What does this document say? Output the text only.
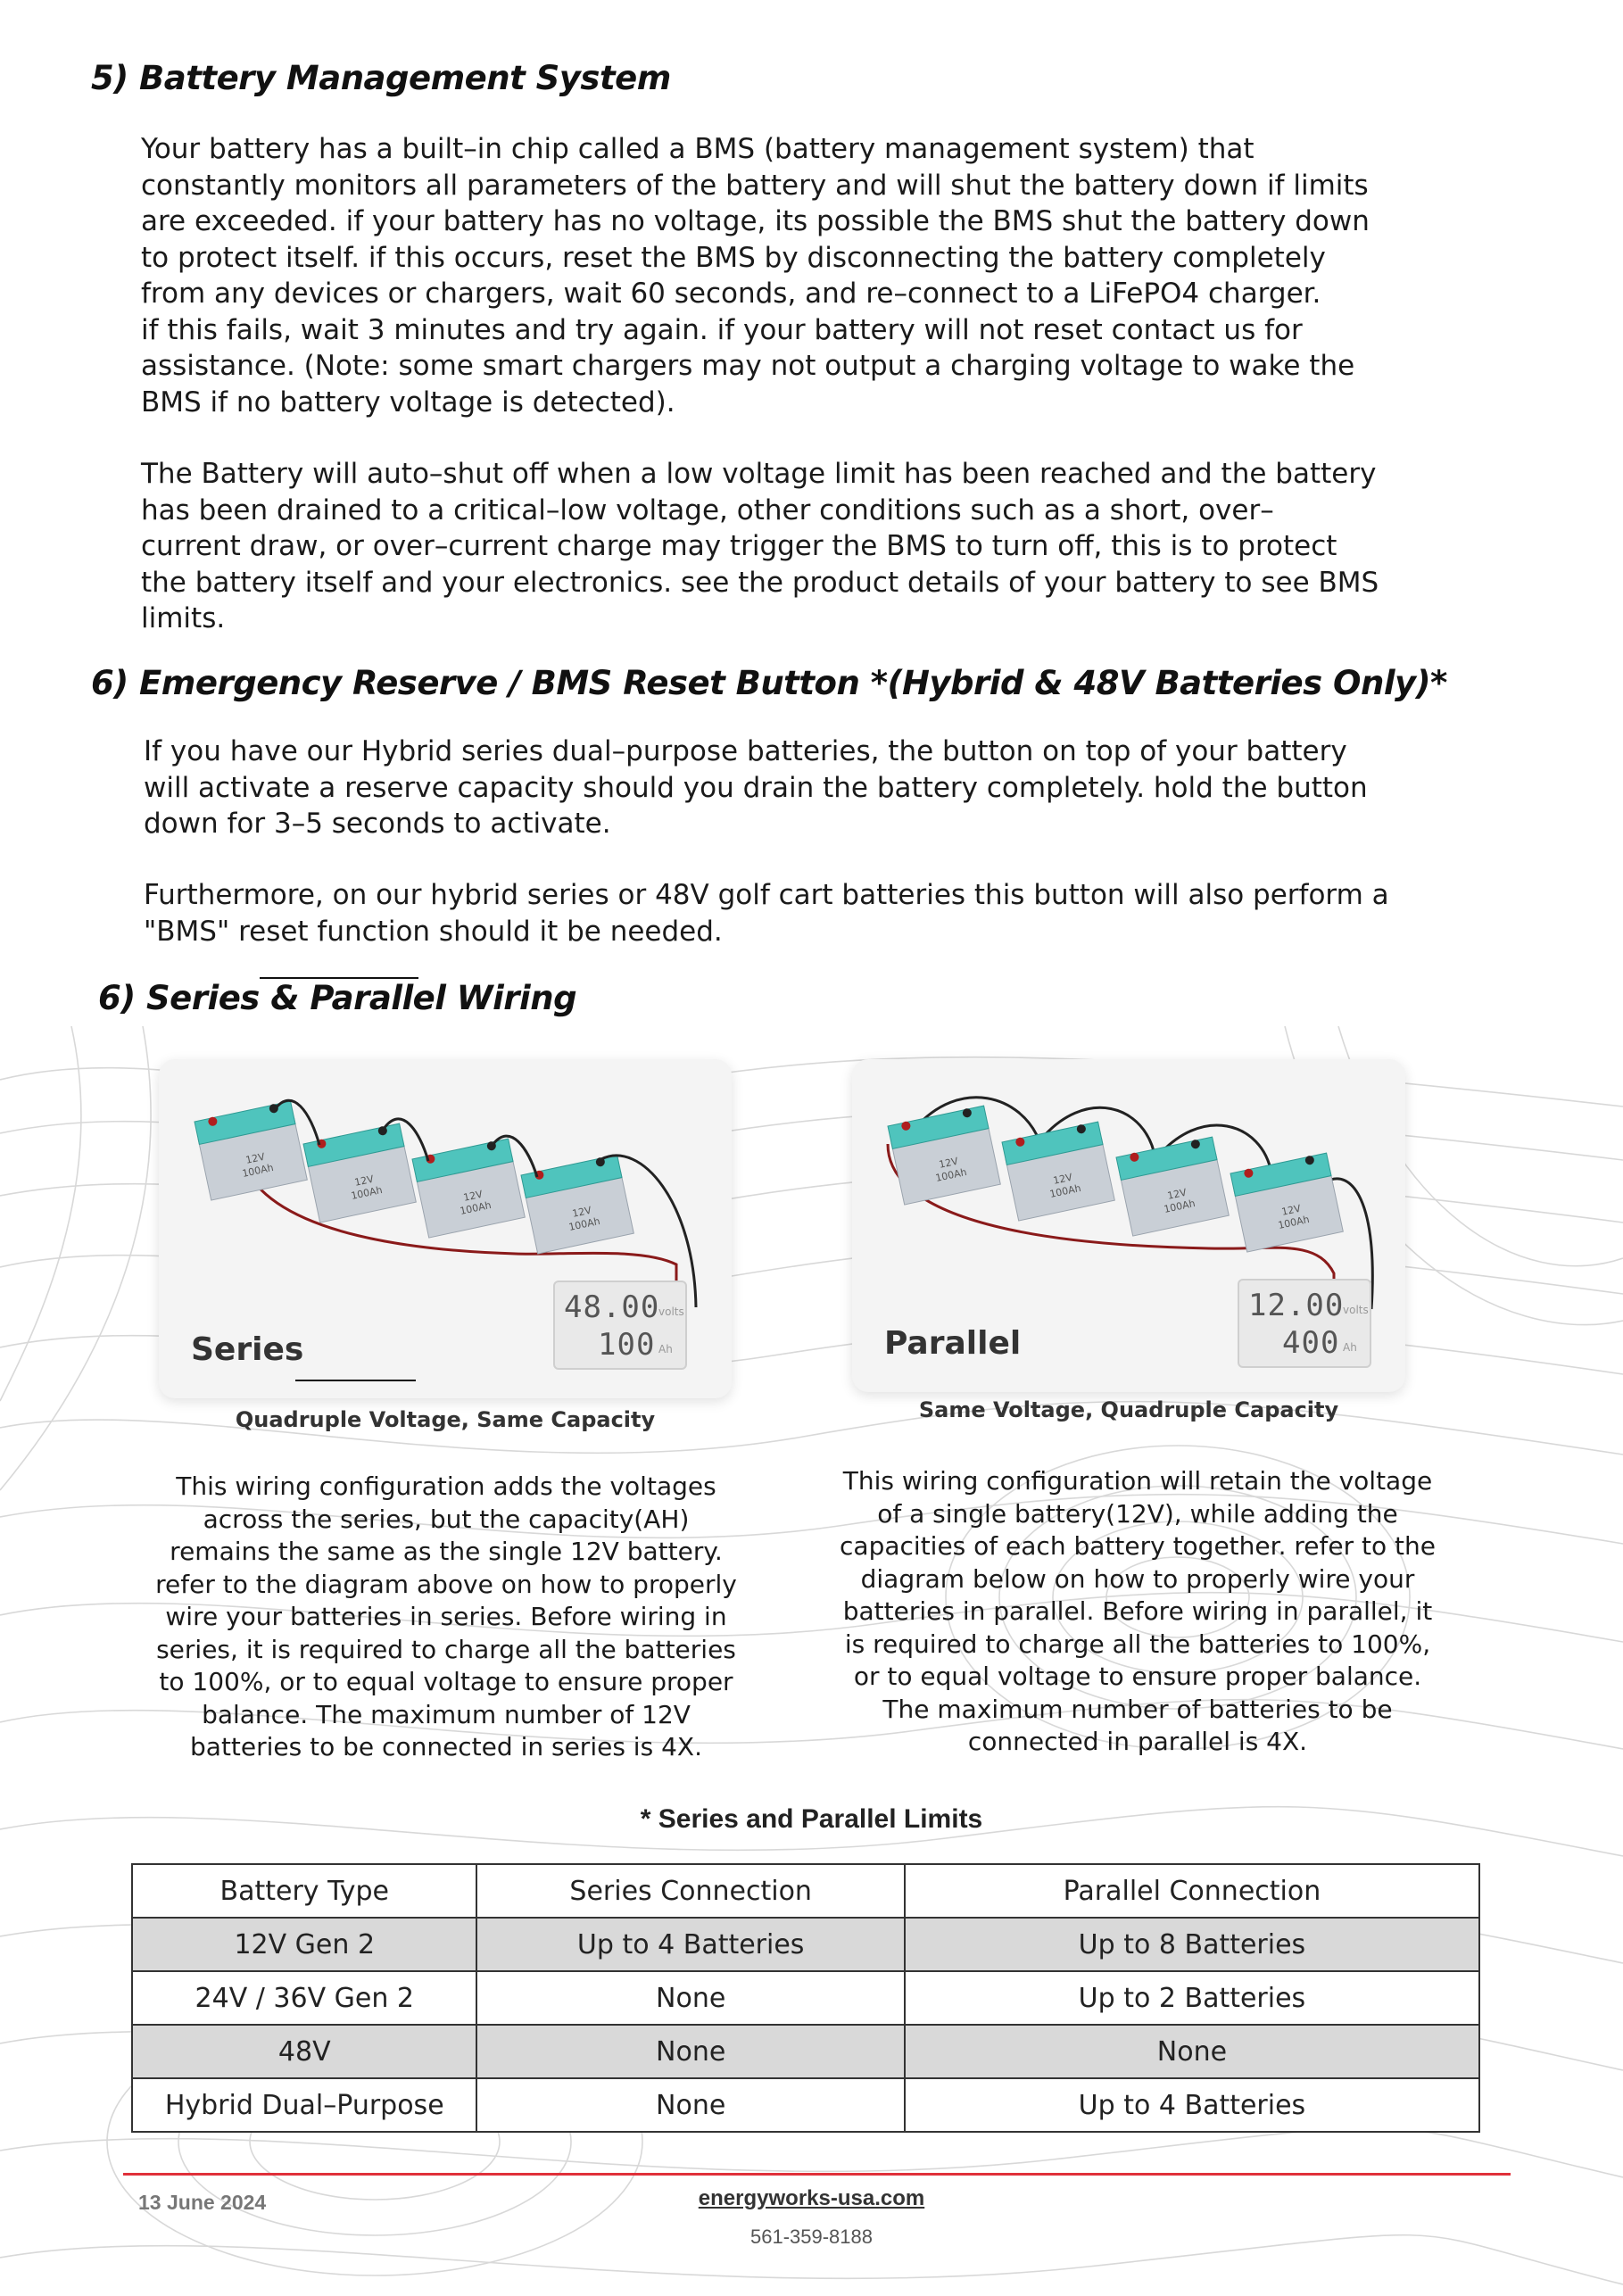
5) Battery Management System
Your battery has a built–in chip called a BMS (battery management system) that
constantly monitors all parameters of the battery and will shut the battery down if limits
are exceeded. if your battery has no voltage, its possible the BMS shut the battery down
to protect itself. if this occurs, reset the BMS by disconnecting the battery completely
from any devices or chargers, wait 60 seconds, and re–connect to a LiFePO4 charger.
if this fails, wait 3 minutes and try again. if your battery will not reset contact us for
assistance. (Note: some smart chargers may not output a charging voltage to wake the
BMS if no battery voltage is detected).
The Battery will auto–shut off when a low voltage limit has been reached and the battery
has been drained to a critical–low voltage, other conditions such as a short, over–
current draw, or over–current charge may trigger the BMS to turn off, this is to protect
the battery itself and your electronics. see the product details of your battery to see BMS
limits.
6) Emergency Reserve / BMS Reset Button *(Hybrid & 48V Batteries Only)*
If you have our Hybrid series dual–purpose batteries, the button on top of your battery
will activate a reserve capacity should you drain the battery completely. hold the button
down for 3–5 seconds to activate.
Furthermore, on our hybrid series or 48V golf cart batteries this button will also perform a
"BMS" reset function should it be needed.
6) Series & Parallel Wiring
12V
100Ah
12V
100Ah	12V
100Ah	12V
100Ah
Series
48.00
volts
100 Ah
Quadruple Voltage, Same Capacity
12V
100Ah	12V
100Ah	12V
100Ah	12V
100Ah
Parallel
12.00
volts
400 Ah
Same Voltage, Quadruple Capacity
This wiring configuration adds the voltages
across the series, but the capacity(AH)
remains the same as the single 12V battery.
refer to the diagram above on how to properly
wire your batteries in series. Before wiring in
series, it is required to charge all the batteries
to 100%, or to equal voltage to ensure proper
balance. The maximum number of 12V
batteries to be connected in series is 4X.
This wiring configuration will retain the voltage
of a single battery(12V), while adding the
capacities of each battery together. refer to the
diagram below on how to properly wire your
batteries in parallel. Before wiring in parallel, it
is required to charge all the batteries to 100%,
or to equal voltage to ensure proper balance.
The maximum number of batteries to be
connected in parallel is 4X.
* Series and Parallel Limits
Battery Type	Series Connection	Parallel Connection
12V Gen 2	Up to 4 Batteries	Up to 8 Batteries
24V / 36V Gen 2	None	Up to 2 Batteries
48V	None	None
Hybrid Dual–Purpose	None	Up to 4 Batteries
13 June 2024	energyworks-usa.com
561-359-8188
